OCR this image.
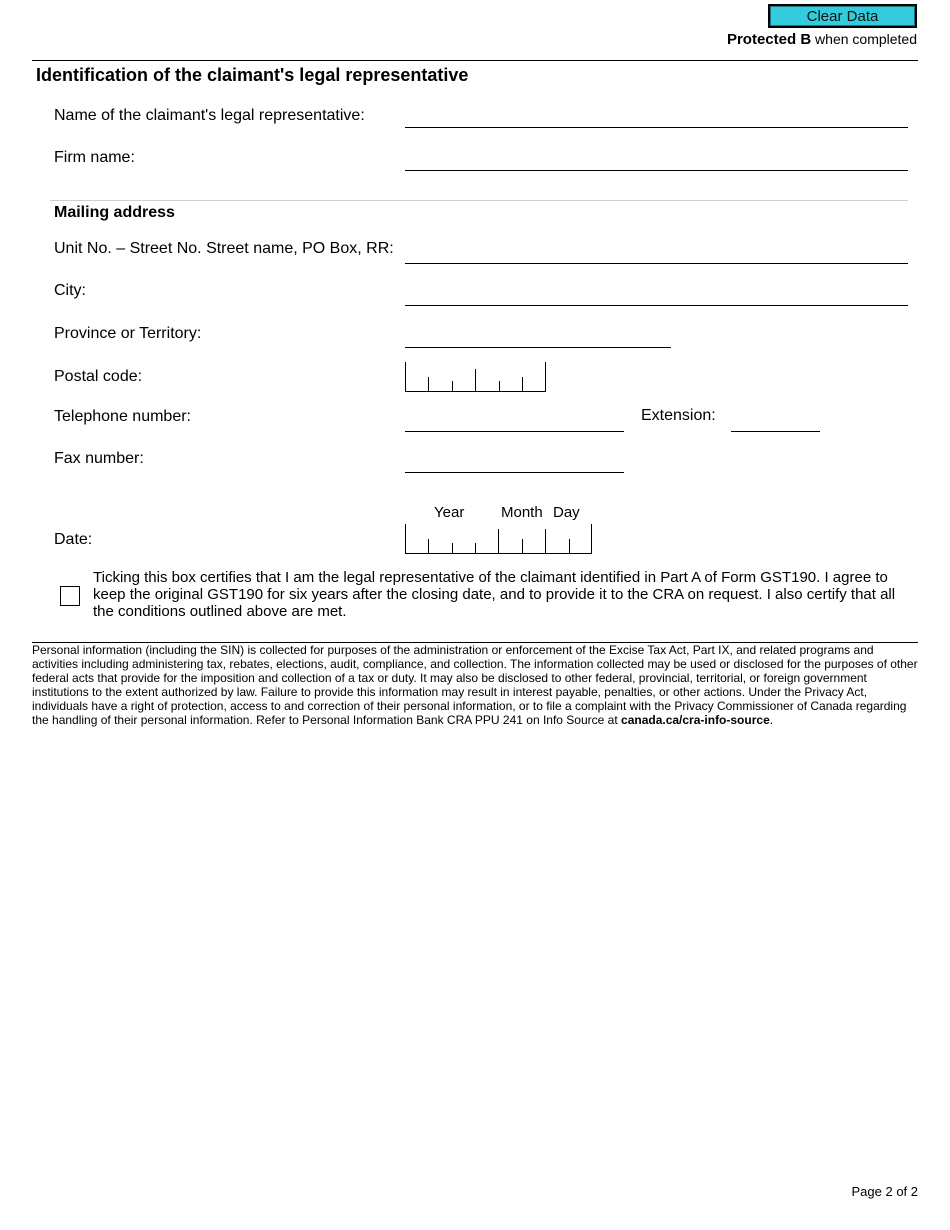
Clear Data
Protected B when completed
Identification of the claimant's legal representative
Name of the claimant's legal representative:
Firm name:
Mailing address
Unit No. – Street No. Street name, PO Box, RR:
City:
Province or Territory:
Postal code:
Telephone number:	Extension:
Fax number:
Year Month Day
Date:
Ticking this box certifies that I am the legal representative of the claimant identified in Part A of Form GST190. I agree to keep the original GST190 for six years after the closing date, and to provide it to the CRA on request. I also certify that all the conditions outlined above are met.
Personal information (including the SIN) is collected for purposes of the administration or enforcement of the Excise Tax Act, Part IX, and related programs and activities including administering tax, rebates, elections, audit, compliance, and collection. The information collected may be used or disclosed for the purposes of other federal acts that provide for the imposition and collection of a tax or duty. It may also be disclosed to other federal, provincial, territorial, or foreign government institutions to the extent authorized by law. Failure to provide this information may result in interest payable, penalties, or other actions. Under the Privacy Act, individuals have a right of protection, access to and correction of their personal information, or to file a complaint with the Privacy Commissioner of Canada regarding the handling of their personal information. Refer to Personal Information Bank CRA PPU 241 on Info Source at canada.ca/cra-info-source.
Page 2 of 2
